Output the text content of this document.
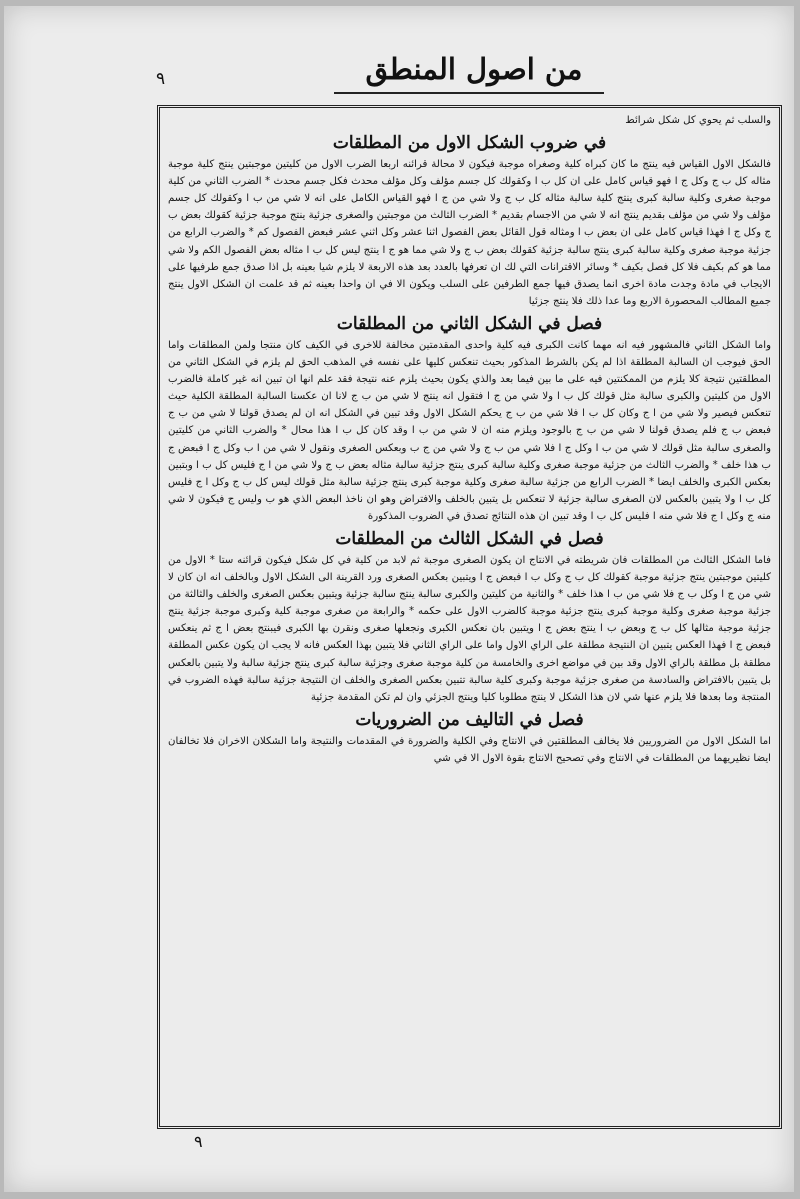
٩	من اصول المنطق

والسلب ثم يحوي كل شكل شرائط

في ضروب الشكل الاول من المطلقات

فالشكل الاول القياس فيه ينتج ما كان كبراه كلية وصغراه موجبة فيكون لا محالة قرائنه اربعا الضرب الاول من كليتين موجبتين ينتج كلية موجبة مثاله كل ب ج وكل ج ا فهو قياس كامل على ان كل ب ا وكقولك كل جسم مؤلف وكل مؤلف محدث فكل جسم محدث * الضرب الثاني من كلية موجبة صغرى وكلية سالبة كبرى ينتج كلية سالبة مثاله كل ب ج ولا شي من ج ا فهو القياس الكامل على انه لا شي من ب ا وكقولك كل جسم مؤلف ولا شي من مؤلف بقديم ينتج انه لا شي من الاجسام بقديم * الضرب الثالث من موجبتين والصغرى جزئية ينتج موجبة جزئية كقولك بعض ب ج وكل ج ا فهذا قياس كامل على ان بعض ب ا ومثاله قول القائل بعض الفصول اثنا عشر وكل اثني عشر فبعض الفصول كم * والضرب الرابع من جزئية موجبة صغرى وكلية سالبة كبرى ينتج سالبة جزئية كقولك بعض ب ج ولا شي مما هو ج ا ينتج ليس كل ب ا مثاله بعض الفصول الكم ولا شي مما هو كم بكيف فلا كل فصل بكيف * وسائر الاقترانات التي لك ان تعرفها بالعدد بعد هذه الاربعة لا يلزم شيا بعينه بل اذا صدق جمع طرفيها على الايجاب في مادة وجدت مادة اخرى انما يصدق فيها جمع الطرفين على السلب ويكون الا في ان واحدا بعينه ثم قد علمت ان الشكل الاول ينتج جميع المطالب المحصورة الاربع وما عدا ذلك فلا ينتج جزئيا

فصل في الشكل الثاني من المطلقات

واما الشكل الثاني فالمشهور فيه انه مهما كانت الكبرى فيه كلية واحدى المقدمتين مخالفة للاخرى في الكيف كان منتجا ولمن المطلقات واما الحق فيوجب ان السالبة المطلقة اذا لم يكن بالشرط المذكور بحيث تنعكس كليها على نفسه في المذهب الحق لم يلزم في الشكل الثاني من المطلقتين نتيجة كلا يلزم من الممكنتين فيه على ما بين فيما بعد والذي يكون بحيث يلزم عنه نتيجة فقد علم انها ان تبين انه غير كاملة فالضرب الاول من كليتين والكبرى سالبة مثل قولك كل ب ا ولا شي من ج ا فتقول انه ينتج لا شي من ب ج لانا ان عكسنا السالبة المطلقة الكلية حيث تنعكس فيصير ولا شي من ا ج وكان كل ب ا فلا شي من ب ج يحكم الشكل الاول وقد تبين في الشكل انه ان لم يصدق قولنا لا شي من ب ج فبعض ب ج فلم يصدق قولنا لا شي من ب ج بالوجود ويلزم منه ان لا شي من ب ا وقد كان كل ب ا هذا محال * والضرب الثاني من كليتين والصغرى سالبة مثل قولك لا شي من ب ا وكل ج ا فلا شي من ب ج ولا شي من ج ب وبعكس الصغرى ونقول لا شي من ا ب وكل ج ا فبعض ج ب هذا خلف * والضرب الثالث من جزئية موجبة صغرى وكلية سالبة كبرى ينتج جزئية سالبة مثاله بعض ب ج ولا شي من ا ج فليس كل ب ا وبتبين بعكس الكبرى والخلف ايضا * الضرب الرابع من جزئية سالبة صغرى وكلية موجبة كبرى ينتج جزئية سالبة مثل قولك ليس كل ب ج وكل ا ج فليس كل ب ا ولا يتبين بالعكس لان الصغرى سالبة جزئية لا تنعكس بل يتبين بالخلف والافتراض وهو ان ناخذ البعض الذي هو ب وليس ج فيكون لا شي منه ج وكل ا ج فلا شي منه ا فليس كل ب ا وقد تبين ان هذه النتائج تصدق في الضروب المذكورة

فصل في الشكل الثالث من المطلقات

فاما الشكل الثالث من المطلقات فان شريطته في الانتاج ان يكون الصغرى موجبة ثم لابد من كلية في كل شكل فيكون قرائنه ستا * الاول من كليتين موجبتين ينتج جزئية موجبة كقولك كل ب ج وكل ب ا فبعض ج ا ويتبين بعكس الصغرى ورد القرينة الى الشكل الاول وبالخلف انه ان كان لا شي من ج ا وكل ب ج فلا شي من ب ا هذا خلف * والثانية من كليتين والكبرى سالبة ينتج سالبة جزئية ويتبين بعكس الصغرى والخلف والثالثة من جزئية موجبة صغرى وكلية موجبة كبرى ينتج جزئية موجبة كالضرب الاول على حكمه * والرابعة من صغرى موجبة كلية وكبرى موجبة جزئية ينتج جزئية موجبة مثالها كل ب ج وبعض ب ا ينتج بعض ج ا ويتبين بان نعكس الكبرى ونجعلها صغرى ونقرن بها الكبرى فيبنتج بعض ا ج ثم ينعكس فبعض ج ا فهذا العكس يتبين ان النتيجة مطلقة على الراي الاول واما على الراي الثاني فلا يتبين بهذا العكس فانه لا يجب ان يكون عكس المطلقة مطلقة بل مطلقة بالراي الاول وقد بين في مواضع اخرى والخامسة من كلية موجبة صغرى وجزئية سالبة كبرى ينتج جزئية سالبة ولا يتبين بالعكس بل يتبين بالافتراض والسادسة من صغرى جزئية موجبة وكبرى كلية سالبة تتبين بعكس الصغرى والخلف ان النتيجة جزئية سالبة فهذه الضروب في المنتجة وما بعدها فلا يلزم عنها شي لان هذا الشكل لا ينتج مطلوبا كليا وينتج الجزئي وان لم تكن المقدمة جزئية

فصل في التاليف من الضروريات

اما الشكل الاول من الضروريين فلا يخالف المطلقتين في الانتاج وفي الكلية والضرورة في المقدمات والنتيجة واما الشكلان الاخران فلا تخالفان ايضا نظيريهما من المطلقات في الانتاج وفي تصحيح الانتاج بقوة الاول الا في شي

٩
